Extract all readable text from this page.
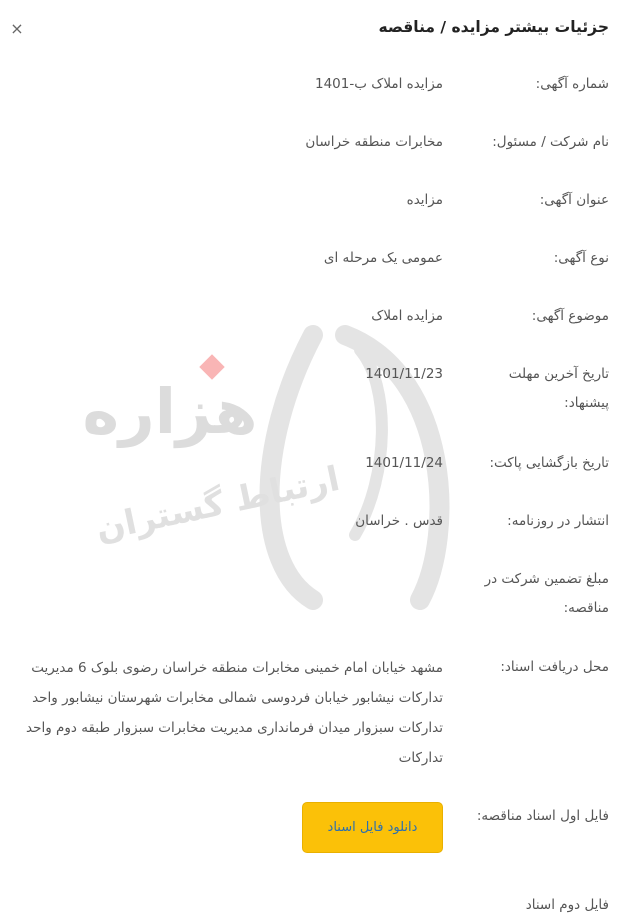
×	جزئیات بیشتر مزایده / مناقصه
هزاره
ارتباط گستران
شماره آگهی:
مزایده املاک ب-1401
نام شرکت / مسئول:
مخابرات منطقه خراسان
عنوان آگهی:
مزایده
نوع آگهی:
عمومی یک مرحله ای
موضوع آگهی:
مزایده املاک
تاریخ آخرین مهلت پیشنهاد:
1401/11/23
تاریخ بازگشایی پاکت:
1401/11/24
انتشار در روزنامه:
قدس . خراسان
مبلغ تضمین شرکت در مناقصه:
محل دریافت اسناد:
مشهد خیابان امام خمینی مخابرات منطقه خراسان رضوی بلوک 6 مدیریت تدارکات نیشابور خیابان فردوسی شمالی مخابرات شهرستان نیشابور واحد تدارکات سبزوار میدان فرمانداری مدیریت مخابرات سبزوار طبقه دوم واحد تدارکات
فایل اول اسناد مناقصه:
دانلود فایل اسناد
فایل دوم اسناد
